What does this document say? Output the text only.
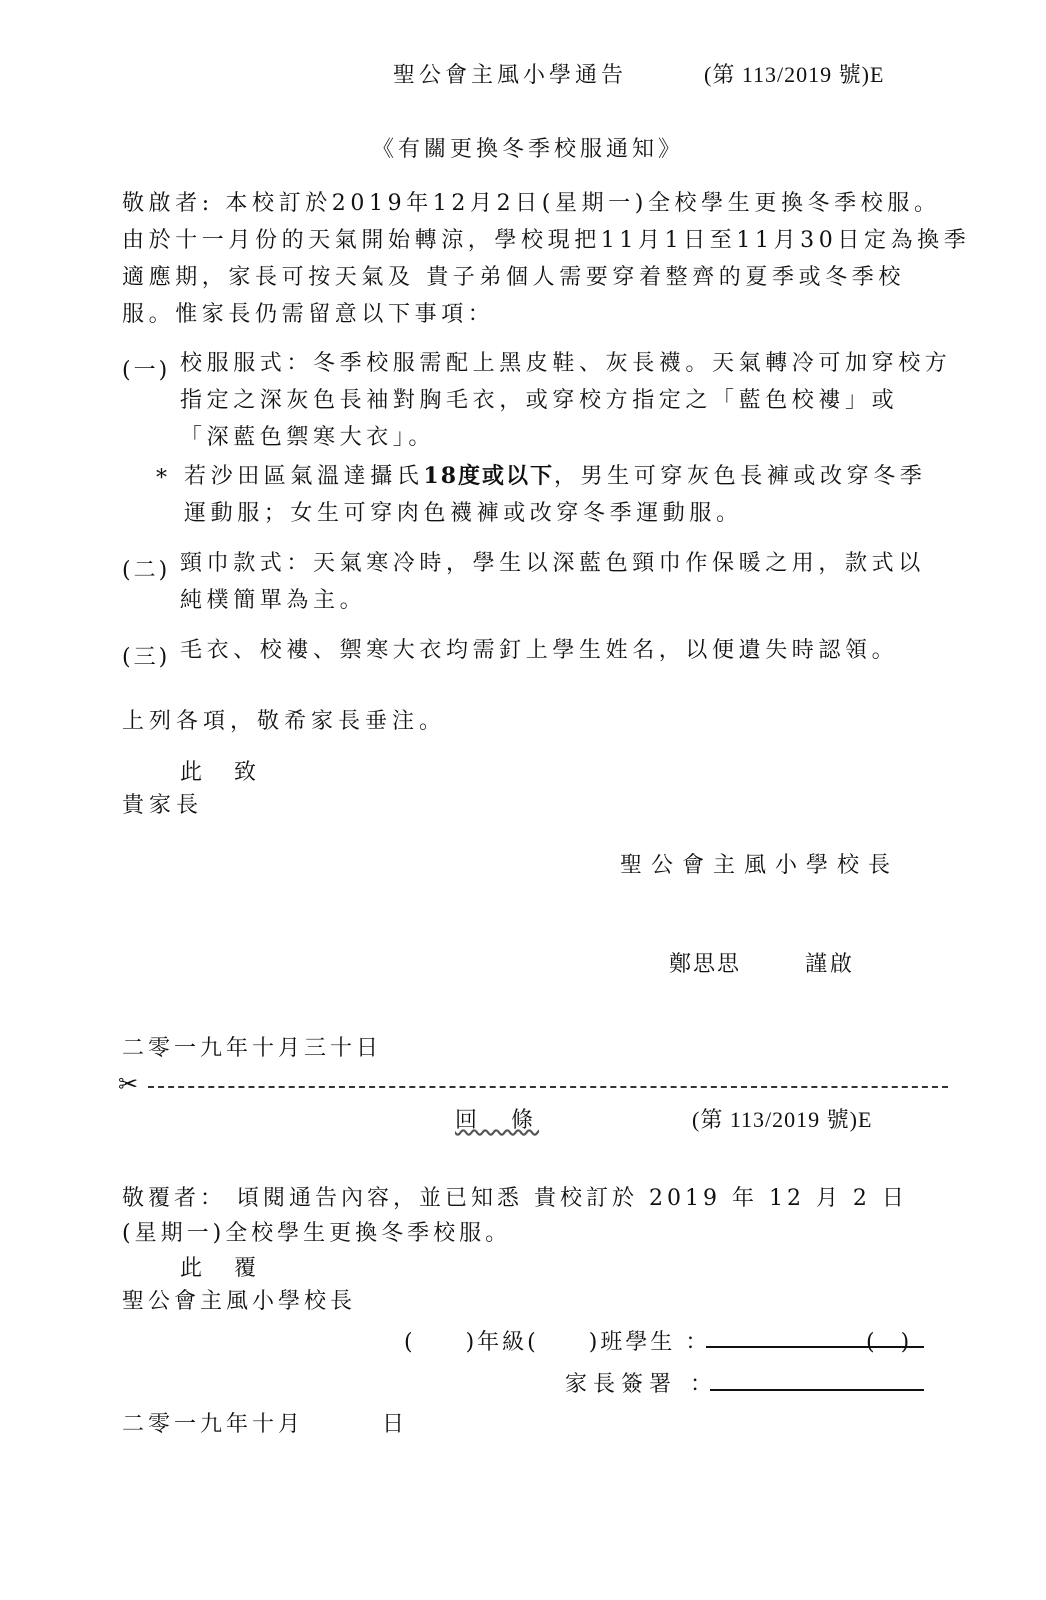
聖公會主風小學通告	(第 113/2019 號)E
《有關更換冬季校服通知》
敬啟者: 本校訂於2019年12月2日(星期一)全校學生更換冬季校服。
由於十一月份的天氣開始轉涼，學校現把11月1日至11月30日定為換季
適應期，家長可按天氣及 貴子弟個人需要穿着整齊的夏季或冬季校
服。惟家長仍需留意以下事項：
(一) 校服服式：冬季校服需配上黑皮鞋、灰長襪。天氣轉冷可加穿校方
指定之深灰色長袖對胸毛衣，或穿校方指定之「藍色校褸」或
「深藍色禦寒大衣」。
* 若沙田區氣溫達攝氏18度或以下，男生可穿灰色長褲或改穿冬季
運動服；女生可穿肉色襪褲或改穿冬季運動服。
(二) 頸巾款式：天氣寒冷時，學生以深藍色頸巾作保暖之用，款式以
純樸簡單為主。
(三) 毛衣、校褸、禦寒大衣均需釘上學生姓名，以便遺失時認領。
上列各項，敬希家長垂注。
此　致
貴家長
聖公會主風小學校長
鄭思思	謹啟
二零一九年十月三十日
✂
回　條	(第 113/2019 號)E
敬覆者： 頃閱通告內容，並已知悉 貴校訂於 2019 年 12 月 2 日
(星期一)全校學生更換冬季校服。
此　覆
聖公會主風小學校長
(　　)年級(　　)班學生 ：	(　)
家長簽署 ：
二零一九年十月　　　日
